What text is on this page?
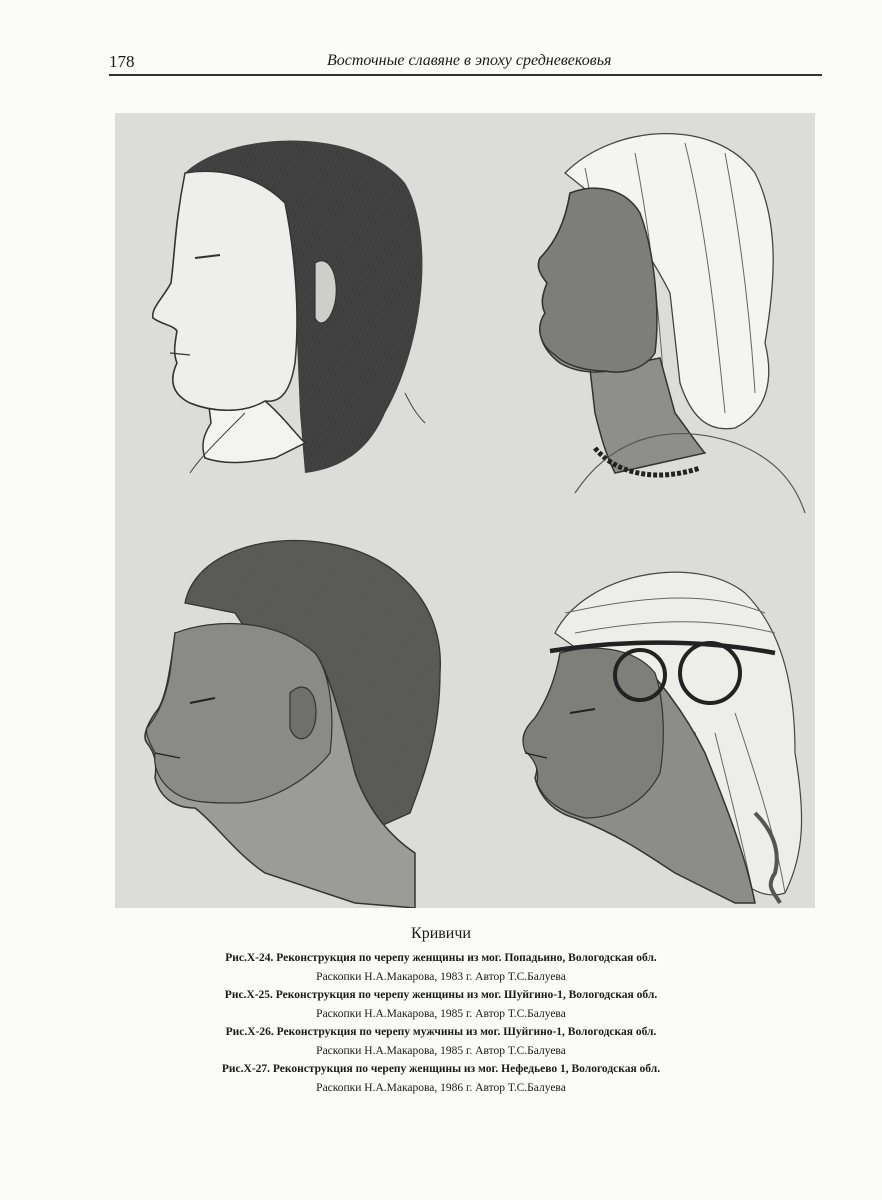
178	Восточные славяне в эпоху средневековья

Кривичи

Рис.Х-24. Реконструкция по черепу женщины из мог. Попадьино, Вологодская обл.

Раскопки Н.А.Макарова, 1983 г. Автор Т.С.Балуева

Рис.Х-25. Реконструкция по черепу женщины из мог. Шуйгино-1, Вологодская обл.

Раскопки Н.А.Макарова, 1985 г. Автор Т.С.Балуева

Рис.Х-26. Реконструкция по черепу мужчины из мог. Шуйгино-1, Вологодская обл.

Раскопки Н.А.Макарова, 1985 г. Автор Т.С.Балуева

Рис.Х-27. Реконструкция по черепу женщины из мог. Нефедьево 1, Вологодская обл.

Раскопки Н.А.Макарова, 1986 г. Автор Т.С.Балуева
